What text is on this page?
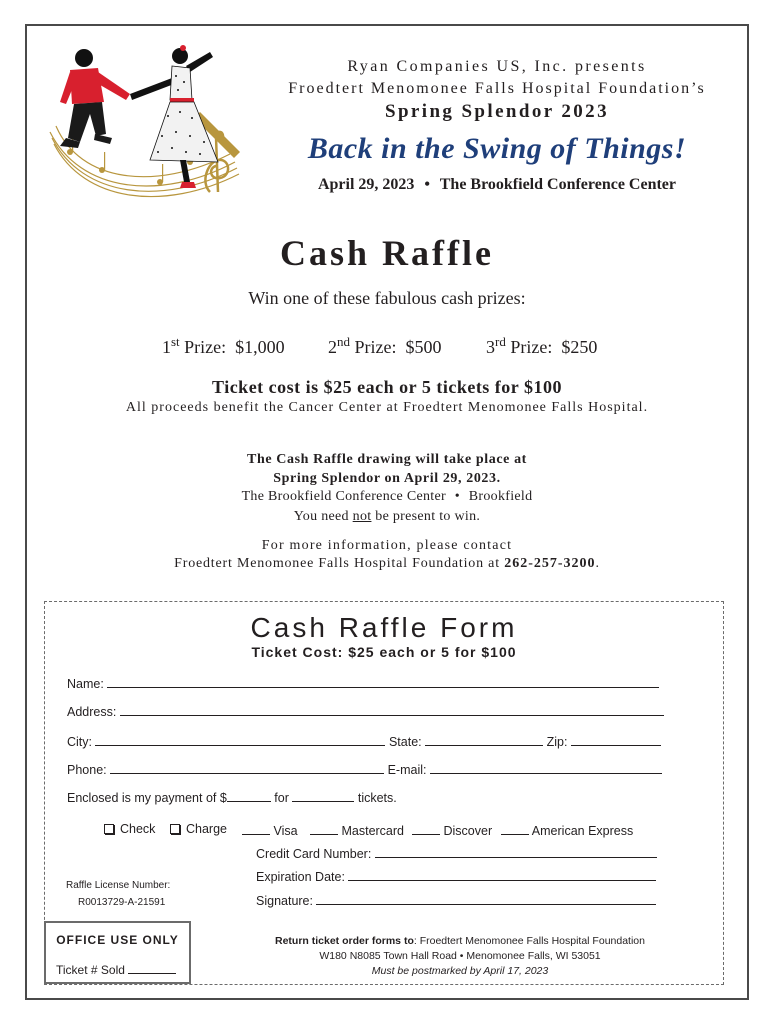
Ryan Companies US, Inc. presents
Froedtert Menomonee Falls Hospital Foundation’s
Spring Splendor 2023
Back in the Swing of Things!
April 29, 2023 • The Brookfield Conference Center
Cash Raffle
Win one of these fabulous cash prizes:
1st Prize: $1,000 2nd Prize: $500 3rd Prize: $250
Ticket cost is $25 each or 5 tickets for $100
All proceeds benefit the Cancer Center at Froedtert Menomonee Falls Hospital.
The Cash Raffle drawing will take place at
Spring Splendor on April 29, 2023.
The Brookfield Conference Center • Brookfield
You need not be present to win.
For more information, please contact
Froedtert Menomonee Falls Hospital Foundation at 262-257-3200.
Cash Raffle Form
Ticket Cost: $25 each or 5 for $100
Name:
Address:
City:	State:	Zip:
Phone:	E-mail:
Enclosed is my payment of $	for	tickets.
Check	Charge	Visa	Mastercard	Discover	American Express
Credit Card Number:
Expiration Date:
Signature:
Raffle License Number:
R0013729-A-21591
OFFICE USE ONLY
Ticket # Sold
Return ticket order forms to: Froedtert Menomonee Falls Hospital Foundation
W180 N8085 Town Hall Road • Menomonee Falls, WI 53051
Must be postmarked by April 17, 2023
